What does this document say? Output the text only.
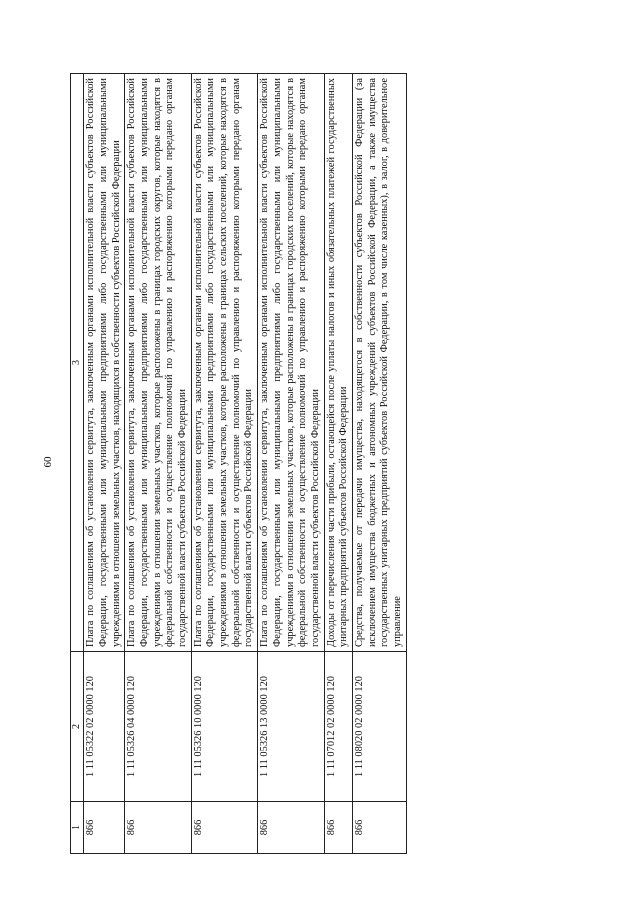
60
1	2	3
866	1 11 05322 02 0000 120	Плата по соглашениям об установлении сервитута, заключенным органами исполнительной власти субъектов Российской Федерации, государственными или муниципальными предприятиями либо государственными или муниципальными учреждениями в отношении земельных участков, находящихся в собственности субъектов Российской Федерации
866	1 11 05326 04 0000 120	Плата по соглашениям об установлении сервитута, заключенным органами исполнительной власти субъектов Российской Федерации, государственными или муниципальными предприятиями либо государственными или муниципальными учреждениями в отношении земельных участков, которые расположены в границах городских округов, которые находятся в федеральной собственности и осуществление полномочий по управлению и распоряжению которыми передано органам государственной власти субъектов Российской Федерации
866	1 11 05326 10 0000 120	Плата по соглашениям об установлении сервитута, заключенным органами исполнительной власти субъектов Российской Федерации, государственными или муниципальными предприятиями либо государственными или муниципальными учреждениями в отношении земельных участков, которые расположены в границах сельских поселений, которые находятся в федеральной собственности и осуществление полномочий по управлению и распоряжению которыми передано органам государственной власти субъектов Российской Федерации
866	1 11 05326 13 0000 120	Плата по соглашениям об установлении сервитута, заключенным органами исполнительной власти субъектов Российской Федерации, государственными или муниципальными предприятиями либо государственными или муниципальными учреждениями в отношении земельных участков, которые расположены в границах городских поселений, которые находятся в федеральной собственности и осуществление полномочий по управлению и распоряжению которыми передано органам государственной власти субъектов Российской Федерации
866	1 11 07012 02 0000 120	Доходы от перечисления части прибыли, остающейся после уплаты налогов и иных обязательных платежей государственных унитарных предприятий субъектов Российской Федерации
866	1 11 08020 02 0000 120	Средства, получаемые от передачи имущества, находящегося в собственности субъектов Российской Федерации (за исключением имущества бюджетных и автономных учреждений субъектов Российской Федерации, а также имущества государственных унитарных предприятий субъектов Российской Федерации, в том числе казенных), в залог, в доверительное управление
